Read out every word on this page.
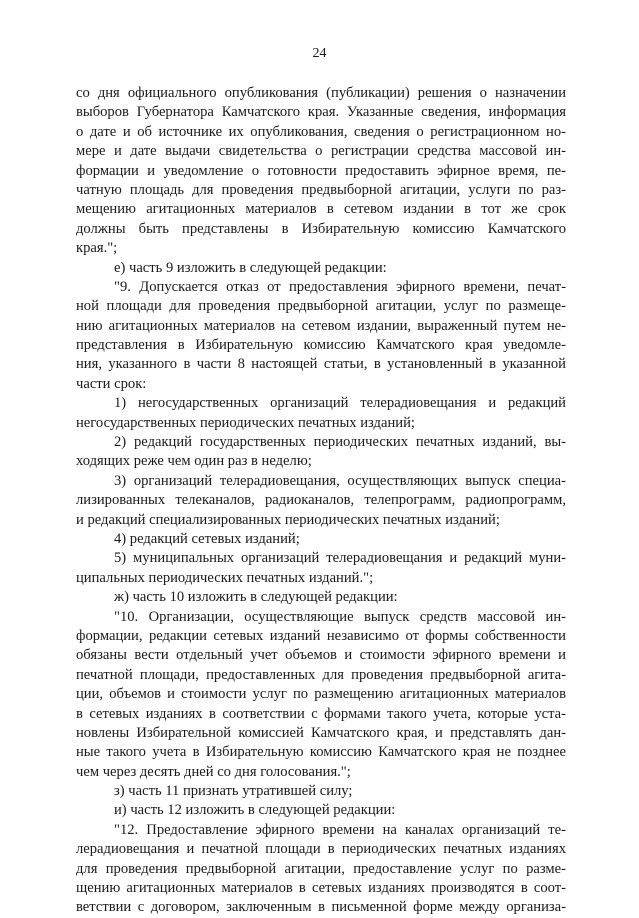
24
со дня официального опубликования (публикации) решения о назначении
выборов Губернатора Камчатского края. Указанные сведения, информация
о дате и об источнике их опубликования, сведения о регистрационном но-
мере и дате выдачи свидетельства о регистрации средства массовой ин-
формации и уведомление о готовности предоставить эфирное время, пе-
чатную площадь для проведения предвыборной агитации, услуги по раз-
мещению агитационных материалов в сетевом издании в тот же срок
должны быть представлены в Избирательную комиссию Камчатского
края.";
е) часть 9 изложить в следующей редакции:
"9. Допускается отказ от предоставления эфирного времени, печат-
ной площади для проведения предвыборной агитации, услуг по размеще-
нию агитационных материалов на сетевом издании, выраженный путем не-
представления в Избирательную комиссию Камчатского края уведомле-
ния, указанного в части 8 настоящей статьи, в установленный в указанной
части срок:
1) негосударственных организаций телерадиовещания и редакций
негосударственных периодических печатных изданий;
2) редакций государственных периодических печатных изданий, вы-
ходящих реже чем один раз в неделю;
3) организаций телерадиовещания, осуществляющих выпуск специа-
лизированных телеканалов, радиоканалов, телепрограмм, радиопрограмм,
и редакций специализированных периодических печатных изданий;
4) редакций сетевых изданий;
5) муниципальных организаций телерадиовещания и редакций муни-
ципальных периодических печатных изданий.";
ж) часть 10 изложить в следующей редакции:
"10. Организации, осуществляющие выпуск средств массовой ин-
формации, редакции сетевых изданий независимо от формы собственности
обязаны вести отдельный учет объемов и стоимости эфирного времени и
печатной площади, предоставленных для проведения предвыборной агита-
ции, объемов и стоимости услуг по размещению агитационных материалов
в сетевых изданиях в соответствии с формами такого учета, которые уста-
новлены Избирательной комиссией Камчатского края, и представлять дан-
ные такого учета в Избирательную комиссию Камчатского края не позднее
чем через десять дней со дня голосования.";
з) часть 11 признать утратившей силу;
и) часть 12 изложить в следующей редакции:
"12. Предоставление эфирного времени на каналах организаций те-
лерадиовещания и печатной площади в периодических печатных изданиях
для проведения предвыборной агитации, предоставление услуг по разме-
щению агитационных материалов в сетевых изданиях производятся в соот-
ветствии с договором, заключенным в письменной форме между организа-
